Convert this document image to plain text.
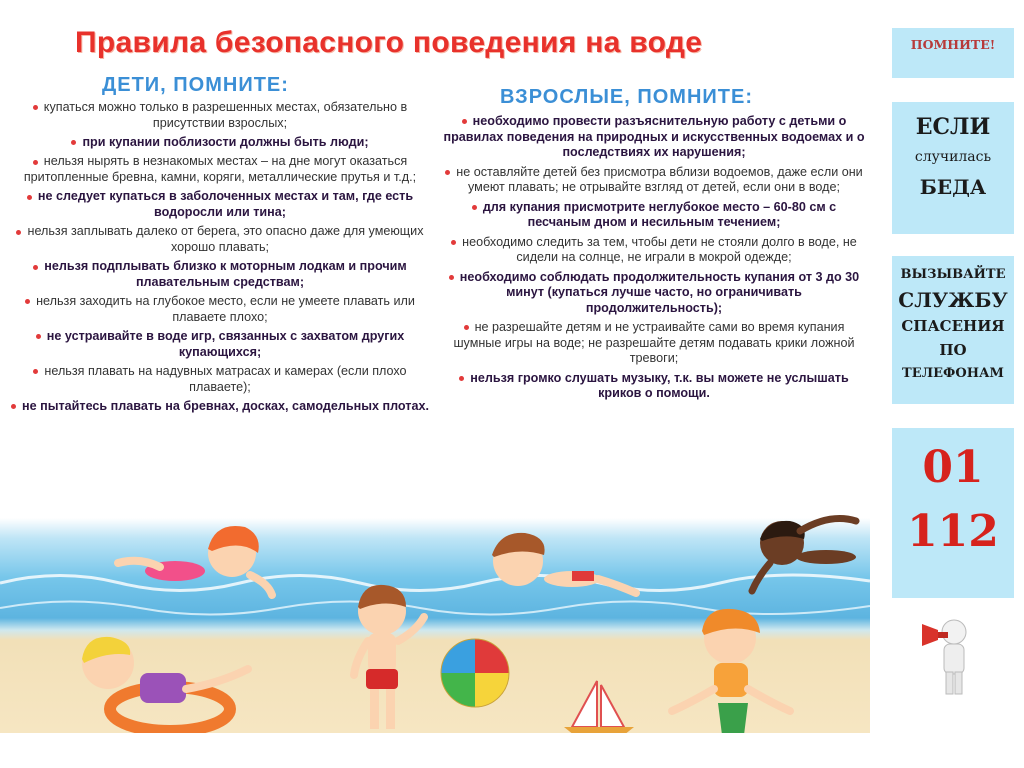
Правила безопасного поведения на воде
ДЕТИ, ПОМНИТЕ:
ВЗРОСЛЫЕ, ПОМНИТЕ:
купаться можно только в разрешенных местах, обязательно в присутствии взрослых;
при купании поблизости должны быть люди;
нельзя нырять в незнакомых местах – на дне могут оказаться притопленные бревна, камни, коряги, металлические прутья и т.д.;
не следует купаться в заболоченных местах и там, где есть водоросли или тина;
нельзя заплывать далеко от берега, это опасно даже для умеющих хорошо плавать;
нельзя подплывать близко к моторным лодкам и прочим плавательным средствам;
нельзя заходить на глубокое место, если не умеете плавать или плаваете плохо;
не устраивайте в воде игр, связанных с захватом других купающихся;
нельзя плавать на надувных матрасах и камерах (если плохо плаваете);
не пытайтесь плавать на бревнах, досках, самодельных плотах.
необходимо провести разъяснительную работу с детьми о правилах поведения на природных и искусственных водоемах и о последствиях их нарушения;
не оставляйте детей без присмотра вблизи водоемов, даже если они умеют плавать; не отрывайте взгляд от детей, если они в воде;
для купания присмотрите неглубокое место – 60-80 см с песчаным дном и несильным течением;
необходимо следить за тем, чтобы дети не стояли долго в воде, не сидели на солнце, не играли в мокрой одежде;
необходимо соблюдать продолжительность купания от 3 до 30 минут (купаться лучше часто, но ограничивать продолжительность);
не разрешайте детям и не устраивайте сами во время купания шумные игры на воде; не разрешайте детям подавать крики ложной тревоги;
нельзя громко слушать музыку, т.к. вы можете не услышать криков о помощи.
ПОМНИТЕ!
ЕСЛИ
случилась
БЕДА
ВЫЗЫВАЙТЕ
СЛУЖБУ
СПАСЕНИЯ
ПО
ТЕЛЕФОНАМ
01
112
